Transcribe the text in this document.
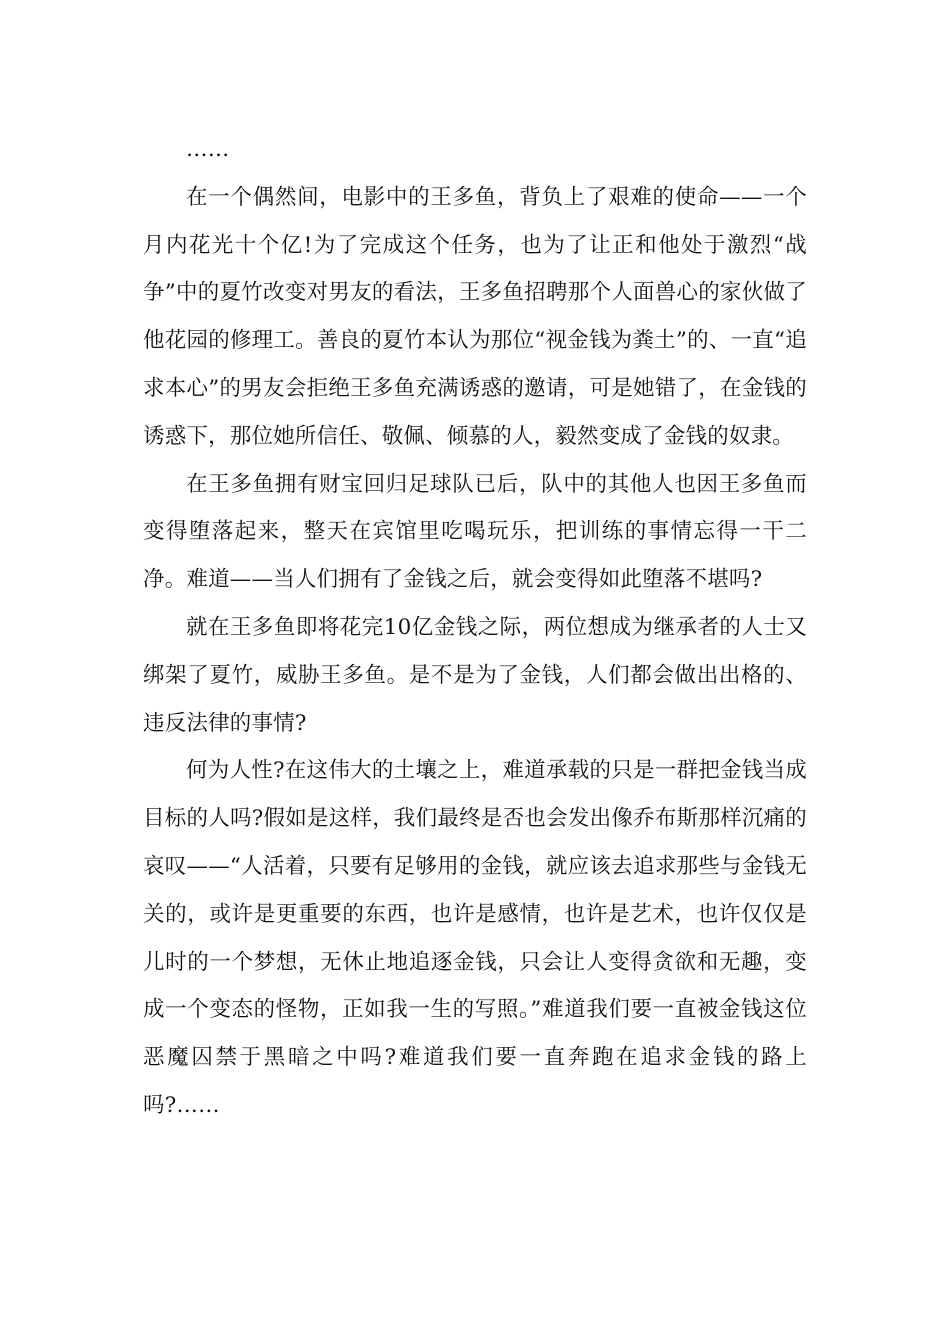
……

在一个偶然间，电影中的王多鱼，背负上了艰难的使命——一个月内花光十个亿!为了完成这个任务，也为了让正和他处于激烈“战争”中的夏竹改变对男友的看法，王多鱼招聘那个人面兽心的家伙做了他花园的修理工。善良的夏竹本认为那位“视金钱为粪土”的、一直“追求本心”的男友会拒绝王多鱼充满诱惑的邀请，可是她错了，在金钱的诱惑下，那位她所信任、敬佩、倾慕的人，毅然变成了金钱的奴隶。

在王多鱼拥有财宝回归足球队已后，队中的其他人也因王多鱼而变得堕落起来，整天在宾馆里吃喝玩乐，把训练的事情忘得一干二净。难道——当人们拥有了金钱之后，就会变得如此堕落不堪吗?

就在王多鱼即将花完10亿金钱之际，两位想成为继承者的人士又绑架了夏竹，威胁王多鱼。是不是为了金钱，人们都会做出出格的、违反法律的事情?

何为人性?在这伟大的土壤之上，难道承载的只是一群把金钱当成目标的人吗?假如是这样，我们最终是否也会发出像乔布斯那样沉痛的哀叹——“人活着，只要有足够用的金钱，就应该去追求那些与金钱无关的，或许是更重要的东西，也许是感情，也许是艺术，也许仅仅是儿时的一个梦想，无休止地追逐金钱，只会让人变得贪欲和无趣，变成一个变态的怪物，正如我一生的写照。”难道我们要一直被金钱这位恶魔囚禁于黑暗之中吗?难道我们要一直奔跑在追求金钱的路上吗?……
